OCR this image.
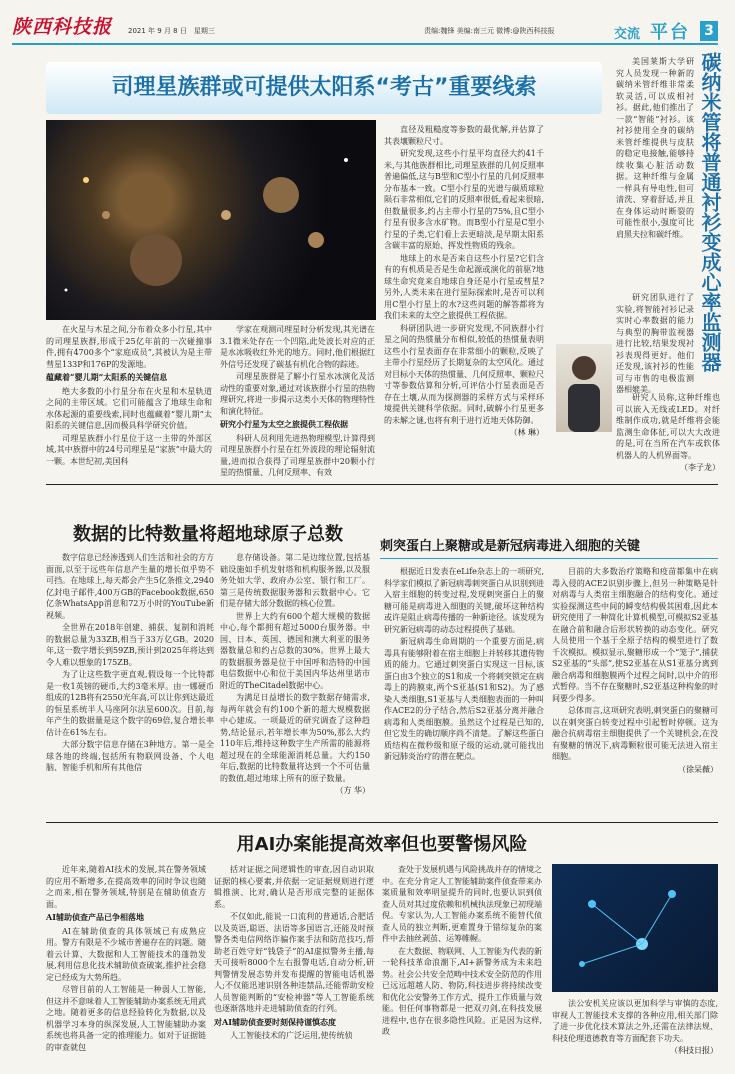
陕西科技报 2021 年 9 月 8 日　星期三	责编:魏锋 美编:南三元 微博:@陕西科技报	交流 平台 3
司理星族群或可提供太阳系“考古”重要线索

在火星与木星之间,分布着众多小行星,其中的司理星族群,形成于25亿年前的一次碰撞事件,拥有4700多个“家庭成员”,其被认为是主带彗星133P和176P的发源地。

蕴藏着“婴儿期”太阳系的关键信息

绝大多数的小行星分布在火星和木星轨道之间的主带区域。它们可能蕴含了地球生命和水体起源的重要线索,同时也蕴藏着“婴儿期”太阳系的关键信息,因而极具科学研究价值。

司理星族群小行星位于这一主带的外部区域,其中族群中的24号司理星是“家族”中最大的一颗。本世纪初,美国科

学家在观测司理星时分析发现,其光谱在3.1微米处存在一个凹陷,此处波长对应的正是水冰吸收红外光的地方。同时,他们根据红外信号还发现了碳基有机化合物的踪迹。

司理星族群是了解小行星水冰演化及活动性的重要对象,通过对该族群小行星的热物理研究,将进一步揭示这类小天体的物理特性和演化特征。

研究小行星为太空之旅提供工程依据

科研人员利用先进热物理模型,计算得到司理星族群小行星在红外波段的理论辐射流量,进而拟合获得了司理星族群中20颗小行星的热惯量、几何反照率、有效

直径及粗糙度等参数的最优解,并估算了其表壤颗粒尺寸。

研究发现,这些小行星平均直径大约41千米,与其他族群相比,司理星族群的几何反照率普遍偏低,这与B型和C型小行星的几何反照率分布基本一致。C型小行星的光谱与碳质球粒陨石非常相似,它们的反照率很低,看起来很暗,但数量很多,约占主带小行星的75%,且C型小行星有很多含水矿物。而B型小行星是C型小行星的子类,它们看上去更暗淡,是早期太阳系含碳丰富的原始、挥发性物质的残余。

地球上的水是否来自这些小行星?它们含有的有机质是否是生命起源或演化的前驱?地球生命究竟来自地球自身还是小行星或彗星?另外,人类未来在进行星际探索时,是否可以利用C型小行星上的水?这些问题的解答都将为我们未来的太空之旅提供工程依据。

科研团队进一步研究发现,不同族群小行星之间的热惯量分布相似,较低的热惯量表明这些小行星表面存在非常细小的颗粒,反映了主带小行星经历了长期复杂的太空风化。通过对目标小天体的热惯量、几何反照率、颗粒尺寸等参数估算和分析,可评估小行星表面是否存在土壤,从而为探测器的采样方式与采样环境提供关键科学依据。同时,破解小行星更多的未解之谜,也将有利于进行近地天体防御。

（林 琳）

美国莱斯大学研究人员发现一种新的碳纳米管纤维非常柔软灵活,可以成相衬衫。据此,他们推出了一款“智能”衬衫。该衬衫使用全身的碳纳米管纤维提供与皮肤的稳定电接触,能够持续收集心脏活动数据。这种纤维与金属一样具有导电性,但可清洗、穿着舒适,并且在身体运动时断裂的可能性很小,强度可比肩黑夫拉和碳纤维。 碳纳米管将普通衬衫变成心率监测器

研究团队进行了实验,将智能衬衫记录实时心率数据的能力与典型的胸带监视器进行比较,结果发现衬衫表现得更好。他们还发现,该衬衫的性能可与市售的电极监测器相媲美。

研究人员称,这种纤维也可以嵌入无线或LED。对纤维制作成功,就是纤维将会能监测生命体征,可以大大改进的是,可在当所在汽车或软体机器人的人机界面等。

（李子龙）
数据的比特数量将超地球原子总数

数字信息已经渗透到人们生活和社会的方方面面,以至于远些年信息产生量的增长似乎势不可挡。在地球上,每天都会产生5亿条推文,2940亿封电子邮件,400万GB的Facebook数据,650亿条WhatsApp消息和72万小时的YouTube新视频。

全世界在2018年创建、捕获、复制和消耗的数据总量为33ZB,相当于33万亿GB。2020年,这一数字增长到59ZB,预计到2025年将达到令人难以想象的175ZB。

为了让这些数字更直观,假设每一个比特都是一枚1英镑的硬币,大约3毫米厚。由一娜硬币组成的12B将有2550光年高,可以让你到达最近的恒星系统半人马座阿尔法星600次。目前,每年产生的数据量是这个数字的69倍,复合增长率估计在61%左右。

大部分数字信息存储在3种地方。第一是全球各地的终端,包括所有物联网设备、个人电脑、智能手机和所有其他信

息存储设备。第二是边缘位置,包括基础设施如手机发射塔和机构服务器,以及服务处如大学、政府办公室、银行和工厂。第三是传统数据服务器和云数据中心。它们是存储大部分数据的核心位置。

世界上大约有600个超大规模的数据中心,每个都拥有超过5000台服务器。中国、日本、英国、德国和澳大利亚的服务器数量总和约占总数的30%。世界上最大的数据服务器是位于中国呼和浩特的中国电信数据中心和位于美国内华达州里诺市附近的TheCitadel数据中心。

为满足日益增长的数字数据存储需求,每两年就会有约100个新的超大规模数据中心建成。一项最近的研究调查了这种趋势,结论显示,若年增长率为50%,那么大约110年后,维持这种数字生产所需的能源将超过现在的全球能源消耗总量。大约150年后,数据的比特数量将达到一个不可估量的数值,超过地球上所有的原子数量。

（方 华）
刺突蛋白上聚糖或是新冠病毒进入细胞的关键

根据近日发表在eLife杂志上的一项研究,科学家们模拟了新冠病毒刺突蛋白从识别到进入宿主细胞的转变过程,发现刺突蛋白上的聚糖可能是病毒进入细胞的关键,破坏这种结构或许是阻止病毒传播的一种新途径。该发现为研究新冠病毒的动态过程提供了基础。

新冠病毒生命周期的一个重要方面是,病毒具有能够附着在宿主细胞上并转移其遗传物质的能力。它通过刺突蛋白实现这一目标,该蛋白由3个独立的S1和成一个将刺突锁定在病毒上的跨膜束,两个S亚基(S1和S2)。为了感染人类细胞,S1亚基与人类细胞表面的一种叫作ACE2的分子结合,然后S2亚基分离并融合病毒和人类细胞膜。虽然这个过程是已知的,但它发生的确切顺序尚不清楚。了解这些蛋白质结构在微秒级和原子级的运动,就可能找出新冠肺炎治疗的潜在靶点。

目前的大多数治疗策略和疫苗都集中在病毒入侵的ACE2识别步骤上,但另一种策略是针对病毒与人类宿主细胞融合的结构变化。通过实验探测这些中间的瞬变结构极其困难,因此本研究使用了一种简化计算机模型,可模拟S2亚基在融合前和融合后形状转换的动态变化。研究人员使用一个基于全原子结构的模型进行了数千次模拟。模拟显示,聚糖形成一个“笼子”,捕获S2亚基的“头部”,使S2亚基在从S1亚基分离到融合病毒和细胞膜两个过程之间时,以中介的形式暂停。当不存在聚糖时,S2亚基这种构象的时间要少得多。

总体而言,这项研究表明,刺突蛋白的聚糖可以在刺突蛋白转变过程中引起暂时停顿。这为融合抗病毒宿主细胞提供了一个关键机会,在没有聚糖的情况下,病毒颗粒很可能无法进入宿主细胞。

（徐呆薇）
用AI办案能提高效率但也要警惕风险

近年来,随着AI技术的发展,其在警务领域的应用不断增多,在提高效率的同时争议也随之而来,相在警务领域,特别是在辅助侦查方面。

AI辅助侦查产品已争相落地

AI在辅助侦查的具体领域已有成熟应用。警方有限是不少城市普遍存在的问题。随着云计算、大数据和人工智能技术的蓬勃发展,利用信息化技术辅助侦查破案,推护社会稳定已经成为大势所趋。

尽管目前的人工智能是一种弱人工智能,但这并不意味着人工智能辅助办案系统无用武之地。随着更多的信息经验转化为数据,以及机器学习本身的纵深发展,人工智能辅助办案系统也将具备一定的推理能力。如对于证据链的审查就包

括对证据之间逻辑性的审查,因自动识取证据的核心要素,并依据一定证据规则进行逻辑推演、比对,确认是否形成完整的证据体系。

不仅如此,能说一口流利的普通话,合肥话以及英语,聪语、法语等多国语言,还能及时预警各类电信网络诈骗作案手法和防范技巧,帮助老百姓守好“钱袋子”的AI虚拟警务主播,每天可接听8000个左右报警电话,自动分析,研判警情发展态势并发布提醒的智能电话机器人;不仅能迅速识别各种违禁品,还能帮助安检人员智能判断的“安检神器”等人工智能系统也逐渐落地并走进辅助侦查的行列。

对AI辅助侦查要时刻保持谨慎态度

人工智能技术的广泛运用,使传统侦

查处于发展机遇与风险挑战并存的情境之中。在充分肯定人工智能辅助案件侦查带来办案质量和效率明显提升的同时,也要认识到侦查人员对其过度依赖和机械执法现象已初现端倪。专家认为,人工智能办案系统不能替代侦查人员的独立判断,更难置身于错综复杂的案件中去抽丝剥茧、运筹帷幄。

在大数据、物联网、人工智能为代表的新一轮科技革命浪潮下,AI+新警务成为未来趋势。社会公共安全范畴中技术安全防范的作用已远远超越人防、物防,科技进步将持续改变和优化公安警务工作方式、提升工作质量与效能。但任何事物都是一把双刃剑,在科技发展进程中,也存在很多隐性风险。正是因为这样,政

法公安机关应该以更加科学与审慎的态度,审视人工智能技术支撑的各种应用,相关部门除了进一步优化技术算法之外,还需在法律法规、科技伦理道德教育等方面配套下功夫。

（科技日报）
